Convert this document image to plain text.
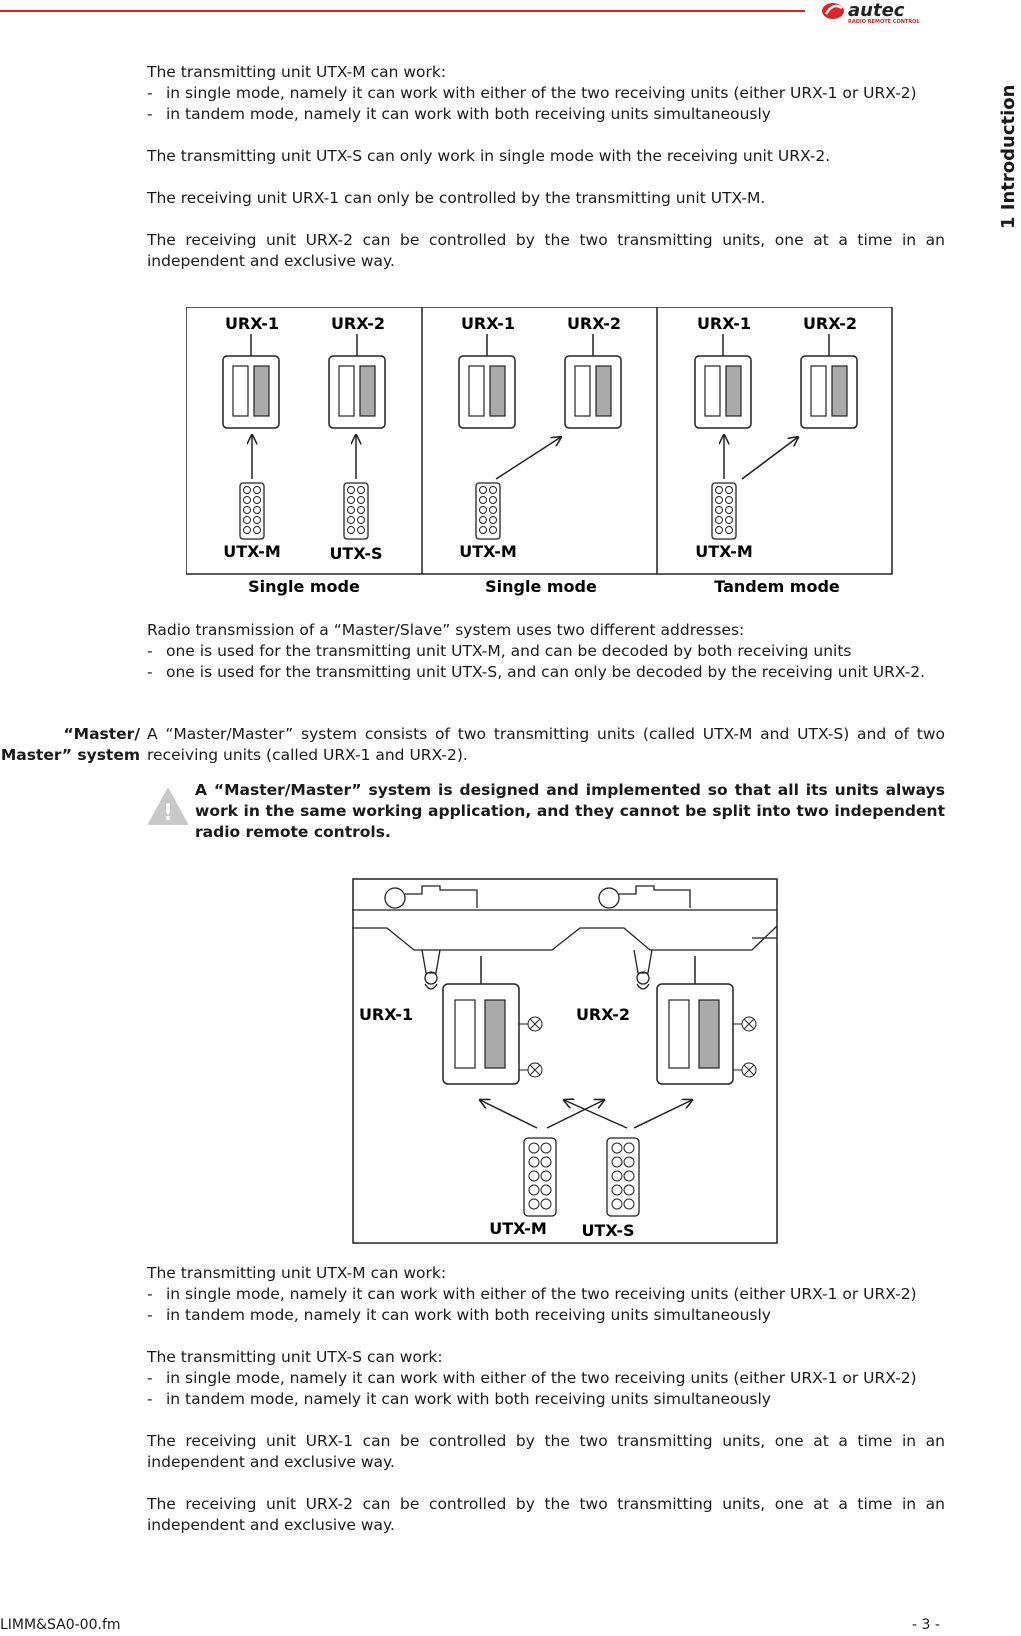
autec
RADIO REMOTE CONTROL
1 Introduction

The transmitting unit UTX-M can work:

- in single mode, namely it can work with either of the two receiving units (either URX-1 or URX-2)

- in tandem mode, namely it can work with both receiving units simultaneously

The transmitting unit UTX-S can only work in single mode with the receiving unit URX-2.

The receiving unit URX-1 can only be controlled by the transmitting unit UTX-M.

The receiving unit URX-2 can be controlled by the two transmitting units, one at a time in an independent and exclusive way.

URX-1	URX-2
UTX-M	UTX-S
Single mode
URX-1	URX-2
UTX-M
Single mode
URX-1	URX-2
UTX-M
Tandem mode

Radio transmission of a “Master/Slave” system uses two different addresses:

- one is used for the transmitting unit UTX-M, and can be decoded by both receiving units

- one is used for the transmitting unit UTX-S, and can only be decoded by the receiving unit URX-2.

“Master/
Master” system
A “Master/Master” system consists of two transmitting units (called UTX-M and UTX-S) and of two receiving units (called URX-1 and URX-2).
!
A “Master/Master” system is designed and implemented so that all its units always work in the same working application, and they cannot be split into two independent radio remote controls.
URX-1	URX-2
UTX-M UTX-S

The transmitting unit UTX-M can work:

- in single mode, namely it can work with either of the two receiving units (either URX-1 or URX-2)

- in tandem mode, namely it can work with both receiving units simultaneously

The transmitting unit UTX-S can work:

- in single mode, namely it can work with either of the two receiving units (either URX-1 or URX-2)

- in tandem mode, namely it can work with both receiving units simultaneously

The receiving unit URX-1 can be controlled by the two transmitting units, one at a time in an independent and exclusive way.

The receiving unit URX-2 can be controlled by the two transmitting units, one at a time in an independent and exclusive way.

LIMM&SA0-00.fm	- 3 -
